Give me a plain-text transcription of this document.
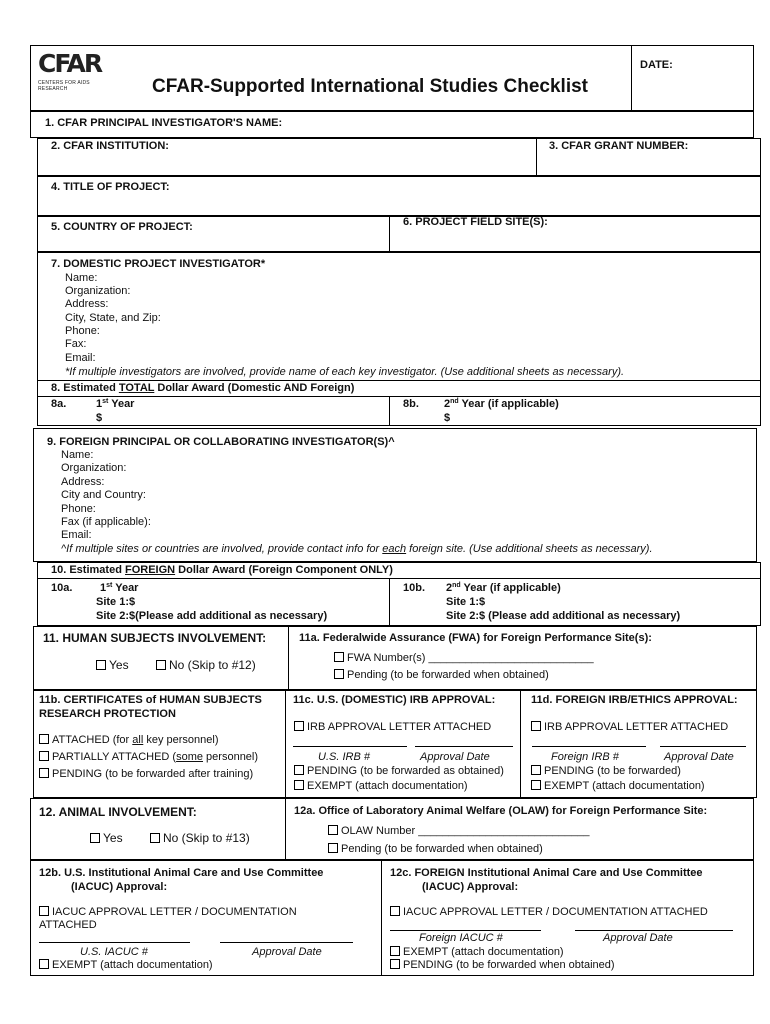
CFAR
CENTERS FOR AIDS RESEARCH	CFAR-Supported International Studies Checklist
DATE:
1. CFAR PRINCIPAL INVESTIGATOR'S NAME:
2. CFAR INSTITUTION:	3. CFAR GRANT NUMBER:
4. TITLE OF PROJECT:
5. COUNTRY OF PROJECT:	6. PROJECT FIELD SITE(S):
7. DOMESTIC PROJECT INVESTIGATOR*
Name:
Organization:
Address:
City, State, and Zip:
Phone:
Fax:
Email:
*If multiple investigators are involved, provide name of each key investigator. (Use additional sheets as necessary).
8. Estimated TOTAL Dollar Award (Domestic AND Foreign)
8a.	1st Year
$
8b. 2nd Year (if applicable)
$
9. FOREIGN PRINCIPAL OR COLLABORATING INVESTIGATOR(S)^
Name:
Organization:
Address:
City and Country:
Phone:
Fax (if applicable):
Email:
^If multiple sites or countries are involved, provide contact info for each foreign site. (Use additional sheets as necessary).
10. Estimated FOREIGN Dollar Award (Foreign Component ONLY)
10a.	1st Year
Site 1:$
Site 2:$(Please add additional as necessary)
10b. 2nd Year (if applicable)
Site 1:$
Site 2:$ (Please add additional as necessary)
11. HUMAN SUBJECTS INVOLVEMENT:
Yes	No (Skip to #12)
11a. Federalwide Assurance (FWA) for Foreign Performance Site(s):
FWA Number(s) ___________________________
Pending (to be forwarded when obtained)
11b. CERTIFICATES of HUMAN SUBJECTS
RESEARCH PROTECTION
ATTACHED (for all key personnel)
PARTIALLY ATTACHED (some personnel)
PENDING (to be forwarded after training)
11c. U.S. (DOMESTIC) IRB APPROVAL:
IRB APPROVAL LETTER ATTACHED
U.S. IRB #	Approval Date
PENDING (to be forwarded as obtained)
EXEMPT (attach documentation)
11d. FOREIGN IRB/ETHICS APPROVAL:
IRB APPROVAL LETTER ATTACHED
Foreign IRB #	Approval Date
PENDING (to be forwarded)
EXEMPT (attach documentation)
12. ANIMAL INVOLVEMENT:
Yes	No (Skip to #13)
12a. Office of Laboratory Animal Welfare (OLAW) for Foreign Performance Site:
OLAW Number ____________________________
Pending (to be forwarded when obtained)
12b. U.S. Institutional Animal Care and Use Committee
(IACUC) Approval:
IACUC APPROVAL LETTER / DOCUMENTATION
ATTACHED
U.S. IACUC #	Approval Date
EXEMPT (attach documentation)
12c. FOREIGN Institutional Animal Care and Use Committee
(IACUC) Approval:
IACUC APPROVAL LETTER / DOCUMENTATION ATTACHED
Foreign IACUC #	Approval Date
EXEMPT (attach documentation)
PENDING (to be forwarded when obtained)
